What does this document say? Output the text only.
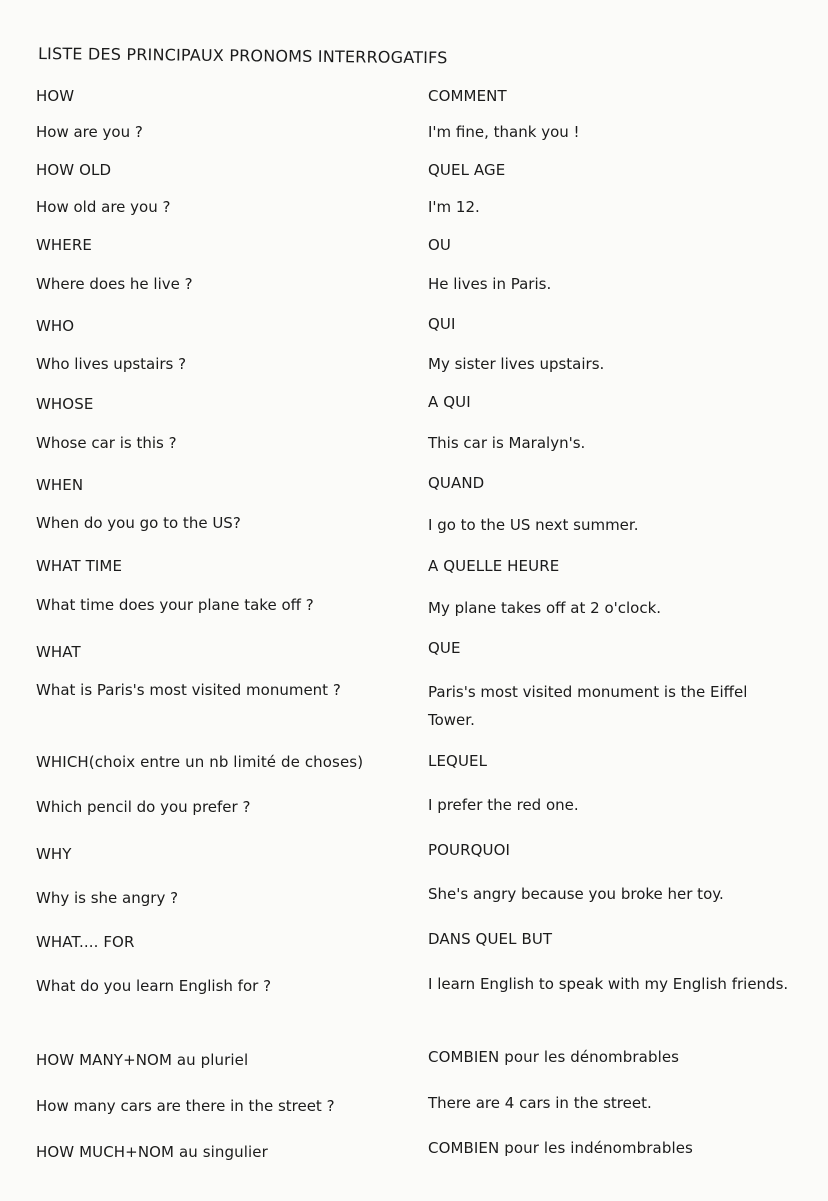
LISTE DES PRINCIPAUX PRONOMS INTERROGATIFS
HOW	COMMENT
How are you ?	I'm fine, thank you !
HOW OLD	QUEL AGE
How old are you ?	I'm 12.
WHERE	OU
Where does he live ?	He lives in Paris.
WHO	QUI
Who lives upstairs ?	My sister lives upstairs.
WHOSE	A QUI
Whose car is this ?	This car is Maralyn's.
WHEN	QUAND
When do you go to the US?	I go to the US next summer.
WHAT TIME	A QUELLE HEURE
What time does your plane take off ?	My plane takes off at 2 o'clock.
WHAT	QUE
What is Paris's most visited monument ?	Paris's most visited monument is the Eiffel Tower.
WHICH(choix entre un nb limité de choses)	LEQUEL
Which pencil do you prefer ?	I prefer the red one.
WHY	POURQUOI
Why is she angry ?	She's angry because you broke her toy.
WHAT.... FOR	DANS QUEL BUT
What do you learn English for ?	I learn English to speak with my English friends.
HOW MANY+NOM au pluriel	COMBIEN pour les dénombrables
How many cars are there in the street ?	There are 4 cars in the street.
HOW MUCH+NOM au singulier	COMBIEN pour les indénombrables
